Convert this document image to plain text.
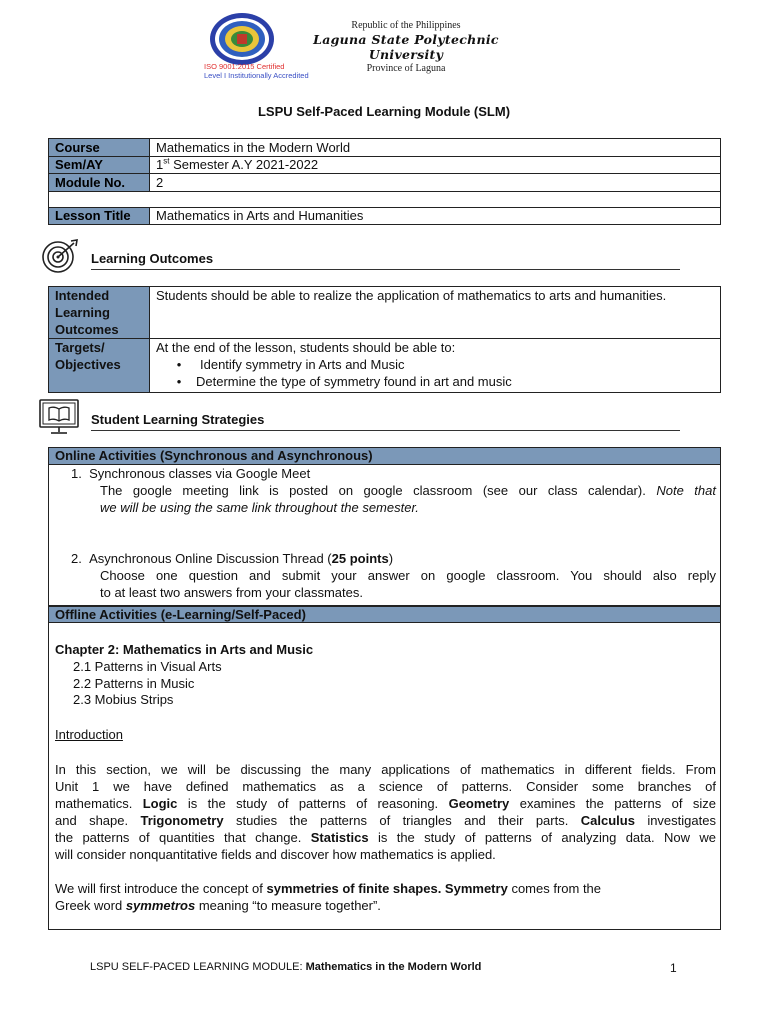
ISO 9001:2015 Certified
Level I Institutionally Accredited
Republic of the Philippines
Laguna State Polytechnic University
Province of Laguna
LSPU Self-Paced Learning Module (SLM)
Course	Mathematics in the Modern World
Sem/AY	1st Semester A.Y 2021-2022
Module No.	2

Lesson Title	Mathematics in Arts and Humanities
Learning Outcomes
Intended Learning Outcomes	Students should be able to realize the application of mathematics to arts and humanities.
Targets/ Objectives	At the end of the lesson, students should be able to:
• Identify symmetry in Arts and Music
• Determine the type of symmetry found in art and music
Student Learning Strategies
Online Activities (Synchronous and Asynchronous)
1.  Synchronous classes via Google Meet
The google meeting link is posted on google classroom (see our class calendar). Note that
we will be using the same link throughout the semester.
2.  Asynchronous Online Discussion Thread (25 points)
Choose one question and submit your answer on google classroom. You should also reply
to at least two answers from your classmates.
Offline Activities (e-Learning/Self-Paced)
Chapter 2: Mathematics in Arts and Music
2.1 Patterns in Visual Arts
2.2 Patterns in Music
2.3 Mobius Strips
Introduction
In this section, we will be discussing the many applications of mathematics in different fields. From
Unit 1 we have defined mathematics as a science of patterns. Consider some branches of
mathematics. Logic is the study of patterns of reasoning. Geometry examines the patterns of size
and shape. Trigonometry studies the patterns of triangles and their parts. Calculus investigates
the patterns of quantities that change. Statistics is the study of patterns of analyzing data. Now we
will consider nonquantitative fields and discover how mathematics is applied.
We will first introduce the concept of symmetries of finite shapes. Symmetry comes from the
Greek word symmetros meaning “to measure together”.
LSPU SELF-PACED LEARNING MODULE: Mathematics in the Modern World	1
